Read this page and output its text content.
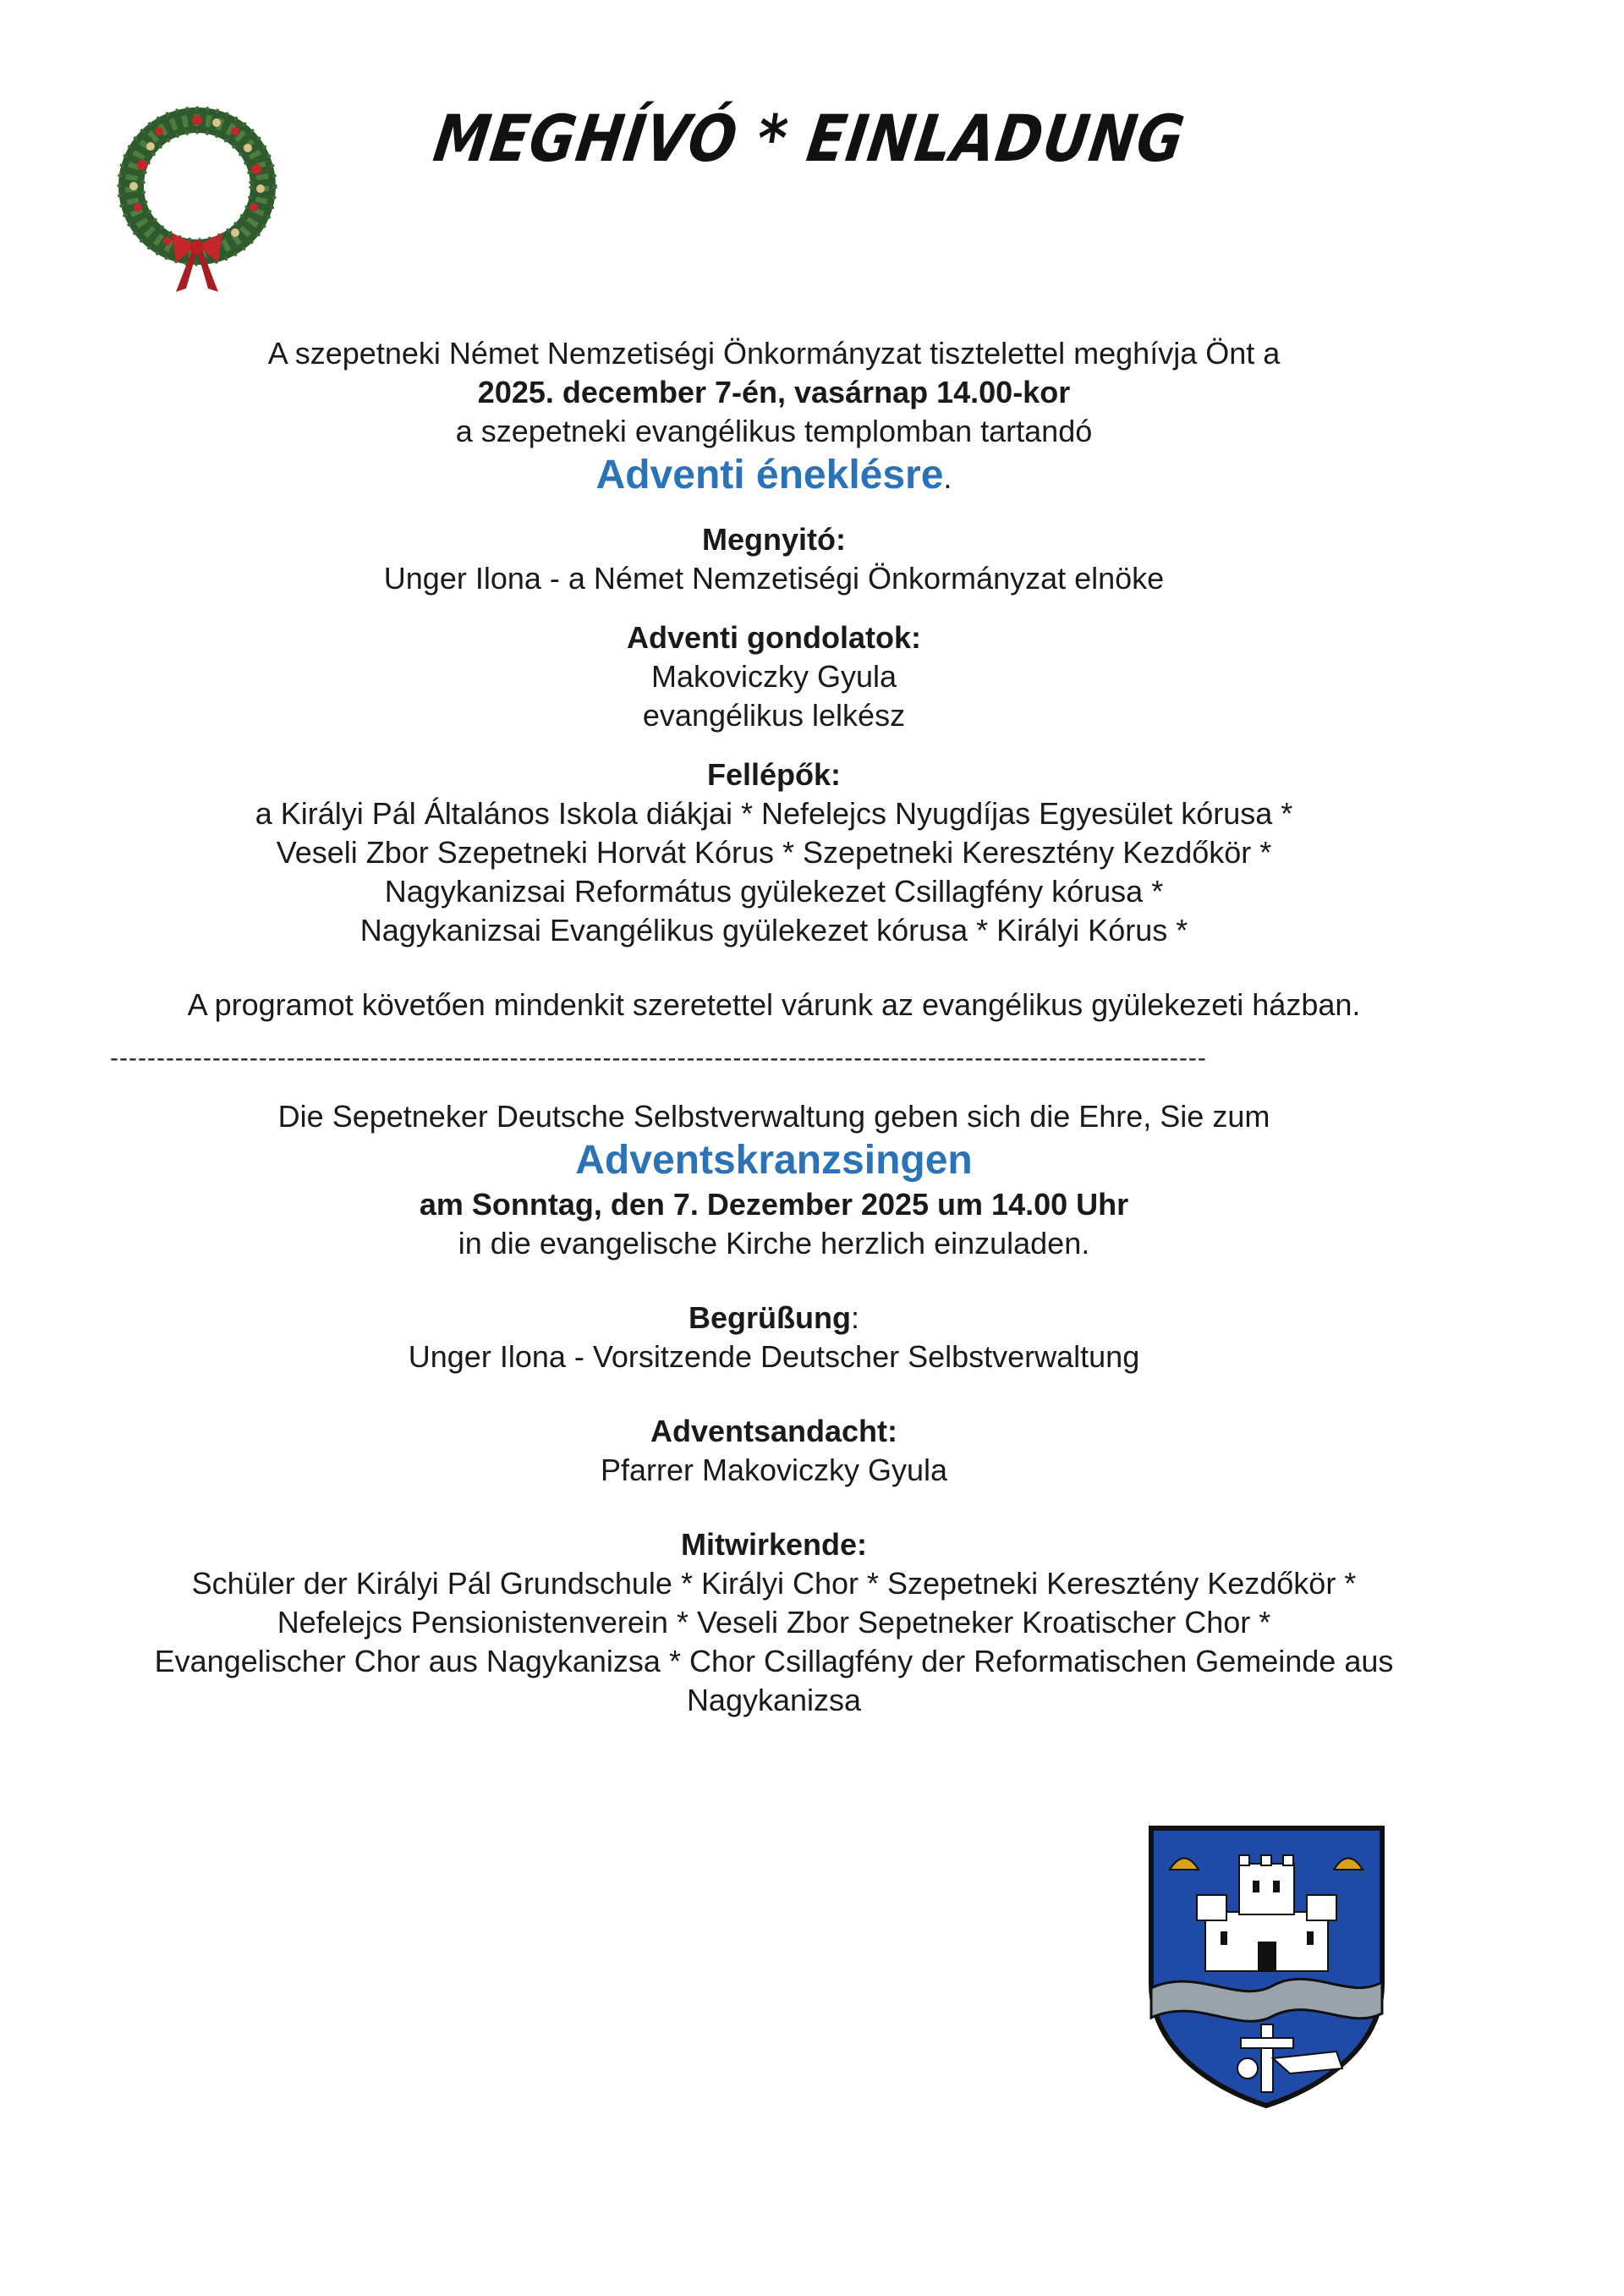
MEGHÍVÓ * EINLADUNG
A szepetneki Német Nemzetiségi Önkormányzat tisztelettel meghívja Önt a
2025. december 7-én, vasárnap 14.00-kor
a szepetneki evangélikus templomban tartandó
Adventi éneklésre.
Megnyitó:
Unger Ilona - a Német Nemzetiségi Önkormányzat elnöke
Adventi gondolatok:
Makoviczky Gyula
evangélikus lelkész
Fellépők:
a Királyi Pál Általános Iskola diákjai * Nefelejcs Nyugdíjas Egyesület kórusa *
Veseli Zbor Szepetneki Horvát Kórus * Szepetneki Keresztény Kezdőkör *
Nagykanizsai Református gyülekezet Csillagfény kórusa *
Nagykanizsai Evangélikus gyülekezet kórusa * Királyi Kórus *
A programot követően mindenkit szeretettel várunk az evangélikus gyülekezeti házban.
----------------------------------------------------------------------------------------------------------------------
Die Sepetneker Deutsche Selbstverwaltung geben sich die Ehre, Sie zum
Adventskranzsingen
am Sonntag, den 7. Dezember 2025 um 14.00 Uhr
in die evangelische Kirche herzlich einzuladen.
Begrüßung:
Unger Ilona - Vorsitzende Deutscher Selbstverwaltung
Adventsandacht:
Pfarrer Makoviczky Gyula
Mitwirkende:
Schüler der Királyi Pál Grundschule * Királyi Chor * Szepetneki Keresztény Kezdőkör *
Nefelejcs Pensionistenverein * Veseli Zbor Sepetneker Kroatischer Chor *
Evangelischer Chor aus Nagykanizsa * Chor Csillagfény der Reformatischen Gemeinde aus
Nagykanizsa
